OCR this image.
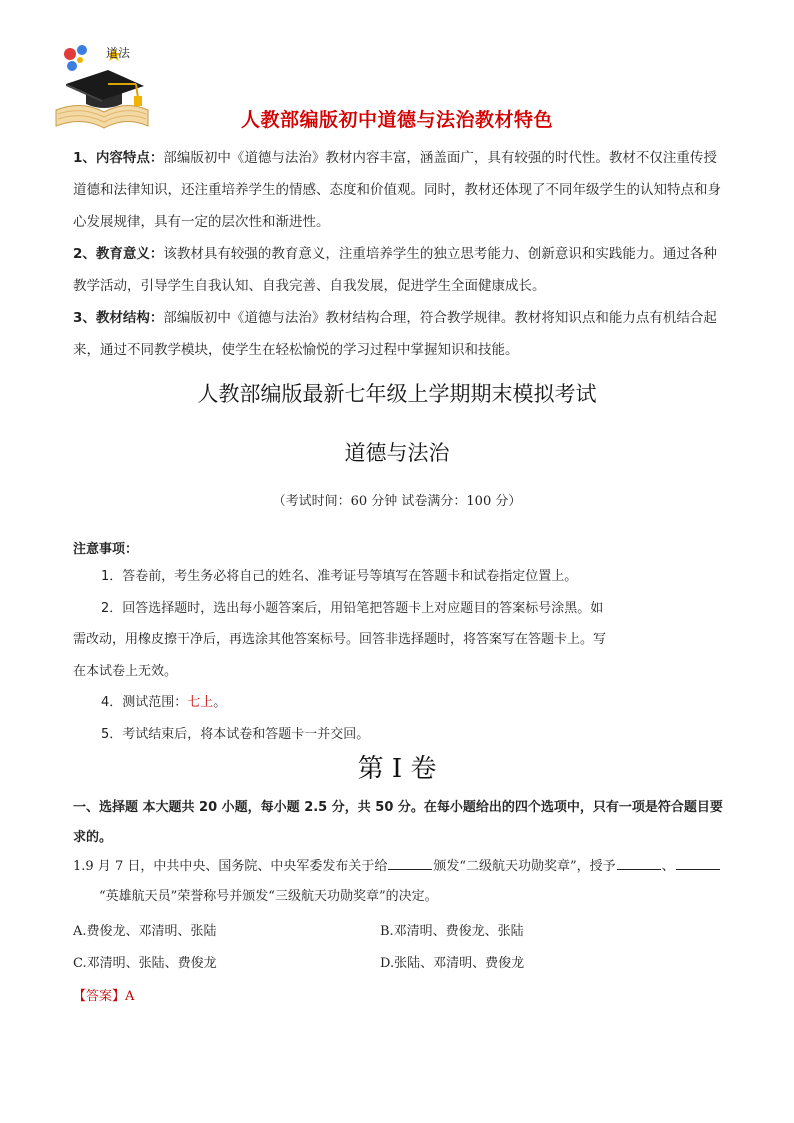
道法
人教部编版初中道德与法治教材特色

1、内容特点：部编版初中《道德与法治》教材内容丰富，涵盖面广，具有较强的时代性。教材不仅注重传授道德和法律知识，还注重培养学生的情感、态度和价值观。同时，教材还体现了不同年级学生的认知特点和身心发展规律，具有一定的层次性和渐进性。

2、教育意义：该教材具有较强的教育意义，注重培养学生的独立思考能力、创新意识和实践能力。通过各种教学活动，引导学生自我认知、自我完善、自我发展，促进学生全面健康成长。

3、教材结构：部编版初中《道德与法治》教材结构合理，符合教学规律。教材将知识点和能力点有机结合起来，通过不同教学模块，使学生在轻松愉悦的学习过程中掌握知识和技能。

人教部编版最新七年级上学期期末模拟考试
道德与法治
（考试时间：60 分钟 试卷满分：100 分）
注意事项：

1．答卷前，考生务必将自己的姓名、准考证号等填写在答题卡和试卷指定位置上。

2．回答选择题时，选出每小题答案后，用铅笔把答题卡上对应题目的答案标号涂黑。如

需改动，用橡皮擦干净后，再选涂其他答案标号。回答非选择题时，将答案写在答题卡上。写

在本试卷上无效。

4．测试范围：七上。

5．考试结束后，将本试卷和答题卡一并交回。

第 I 卷
一、选择题 本大题共 20 小题，每小题 2.5 分，共 50 分。在每小题给出的四个选项中，只有一项是符合题目要求的。

1.9 月 7 日，中共中央、国务院、中央军委发布关于给	颁发“二级航天功勋奖章”，授予	、

“英雄航天员”荣誉称号并颁发“三级航天功勋奖章”的决定。

A.费俊龙、邓清明、张陆	B.邓清明、费俊龙、张陆
C.邓清明、张陆、费俊龙	D.张陆、邓清明、费俊龙
【答案】A
